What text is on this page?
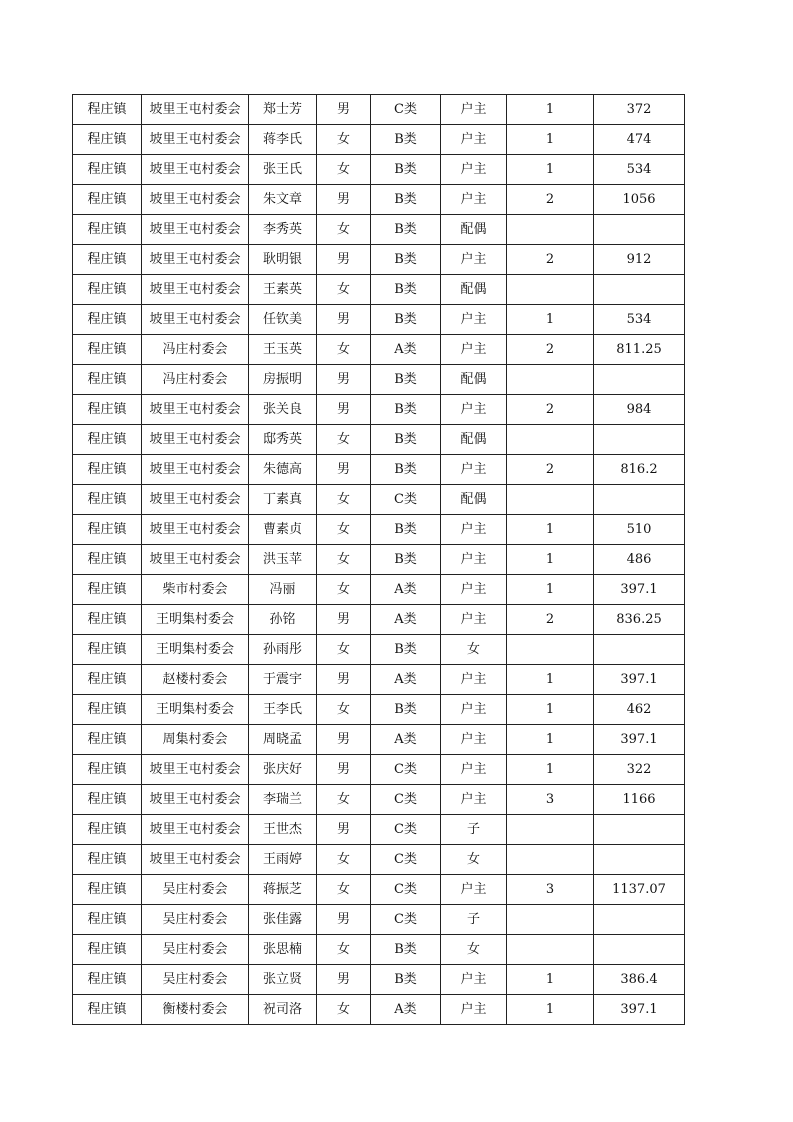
程庄镇	坡里王屯村委会	郑士芳	男	C类	户主	1	372
程庄镇	坡里王屯村委会	蒋李氏	女	B类	户主	1	474
程庄镇	坡里王屯村委会	张王氏	女	B类	户主	1	534
程庄镇	坡里王屯村委会	朱文章	男	B类	户主	2	1056
程庄镇	坡里王屯村委会	李秀英	女	B类	配偶		
程庄镇	坡里王屯村委会	耿明银	男	B类	户主	2	912
程庄镇	坡里王屯村委会	王素英	女	B类	配偶		
程庄镇	坡里王屯村委会	任钦美	男	B类	户主	1	534
程庄镇	冯庄村委会	王玉英	女	A类	户主	2	811.25
程庄镇	冯庄村委会	房振明	男	B类	配偶		
程庄镇	坡里王屯村委会	张关良	男	B类	户主	2	984
程庄镇	坡里王屯村委会	邸秀英	女	B类	配偶		
程庄镇	坡里王屯村委会	朱德高	男	B类	户主	2	816.2
程庄镇	坡里王屯村委会	丁素真	女	C类	配偶		
程庄镇	坡里王屯村委会	曹素贞	女	B类	户主	1	510
程庄镇	坡里王屯村委会	洪玉苹	女	B类	户主	1	486
程庄镇	柴市村委会	冯丽	女	A类	户主	1	397.1
程庄镇	王明集村委会	孙铭	男	A类	户主	2	836.25
程庄镇	王明集村委会	孙雨彤	女	B类	女		
程庄镇	赵楼村委会	于震宇	男	A类	户主	1	397.1
程庄镇	王明集村委会	王李氏	女	B类	户主	1	462
程庄镇	周集村委会	周晓孟	男	A类	户主	1	397.1
程庄镇	坡里王屯村委会	张庆好	男	C类	户主	1	322
程庄镇	坡里王屯村委会	李瑞兰	女	C类	户主	3	1166
程庄镇	坡里王屯村委会	王世杰	男	C类	子		
程庄镇	坡里王屯村委会	王雨婷	女	C类	女		
程庄镇	吴庄村委会	蒋振芝	女	C类	户主	3	1137.07
程庄镇	吴庄村委会	张佳露	男	C类	子		
程庄镇	吴庄村委会	张思楠	女	B类	女		
程庄镇	吴庄村委会	张立贤	男	B类	户主	1	386.4
程庄镇	衡楼村委会	祝司洛	女	A类	户主	1	397.1
